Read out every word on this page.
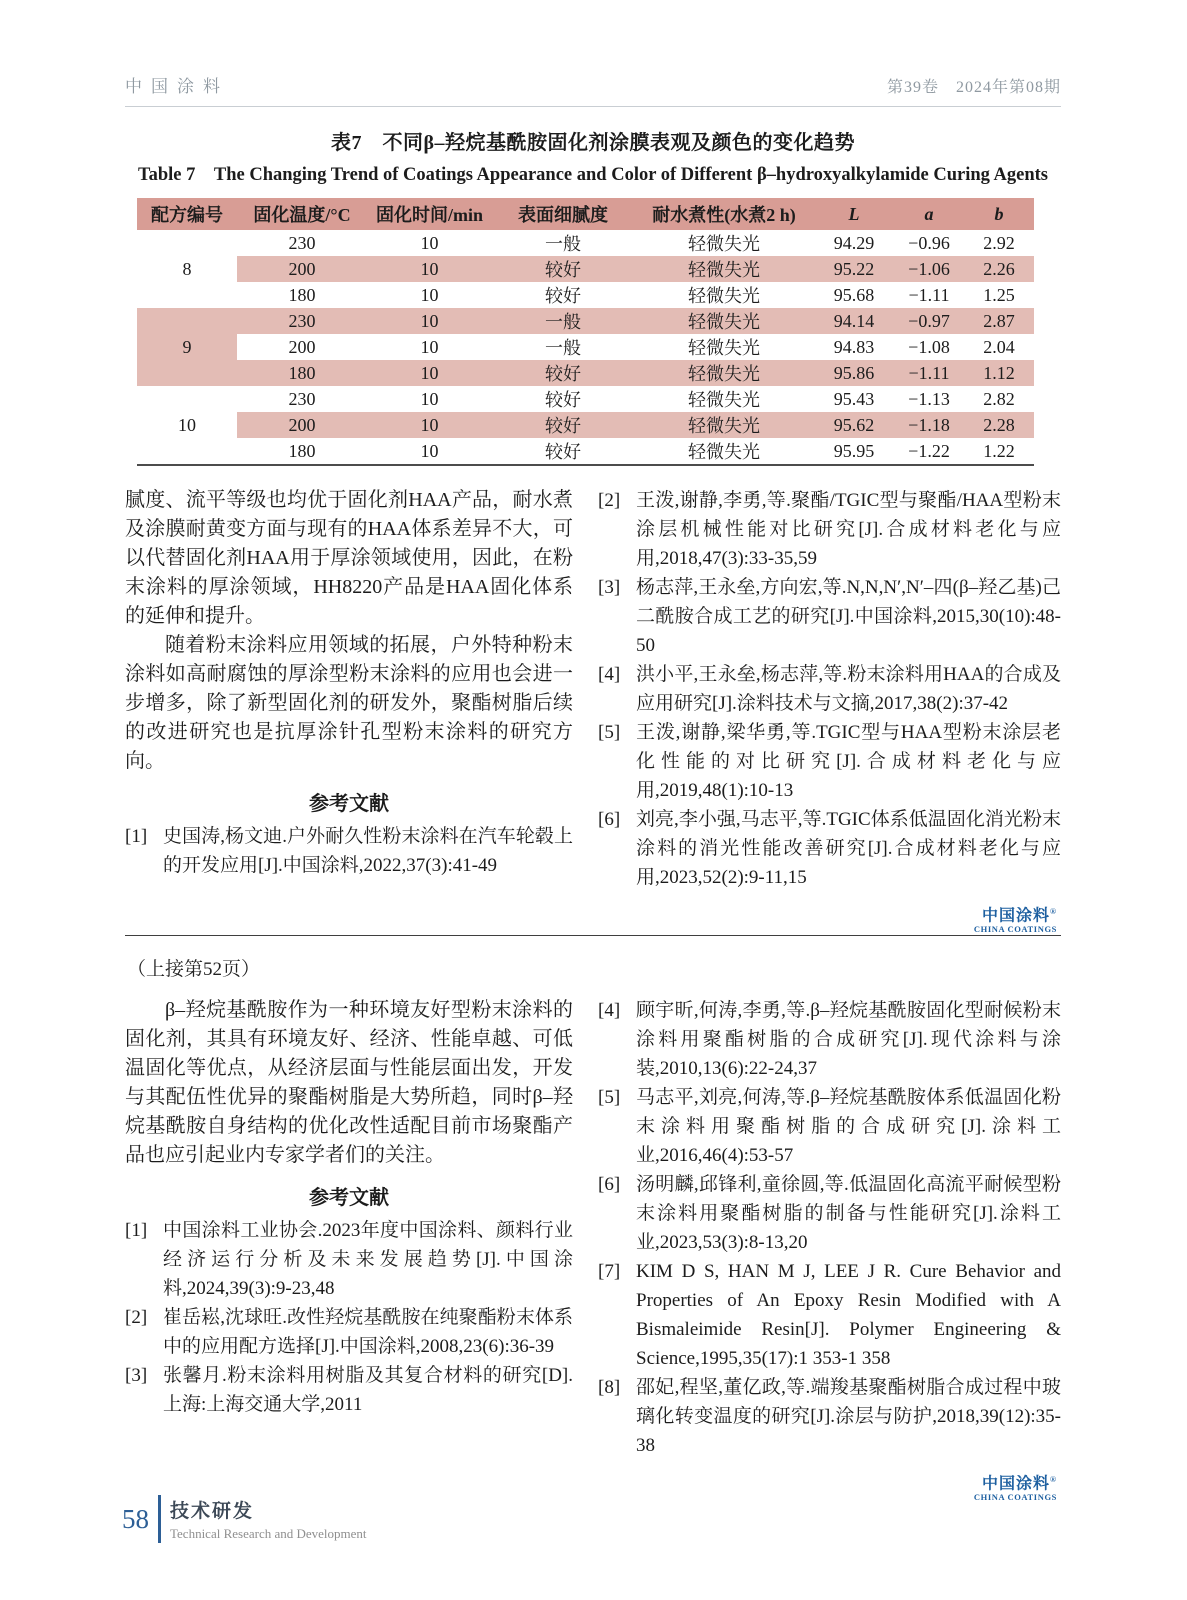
中国涂料	第39卷　2024年第08期
表7　不同β–羟烷基酰胺固化剂涂膜表观及颜色的变化趋势
Table 7　The Changing Trend of Coatings Appearance and Color of Different β–hydroxyalkylamide Curing Agents
配方编号	固化温度/°C	固化时间/min	表面细腻度	耐水煮性(水煮2 h)	L	a	b
8	230	10	一般	轻微失光	94.29	−0.96	2.92
	200	10	较好	轻微失光	95.22	−1.06	2.26
	180	10	较好	轻微失光	95.68	−1.11	1.25
9	230	10	一般	轻微失光	94.14	−0.97	2.87
	200	10	一般	轻微失光	94.83	−1.08	2.04
	180	10	较好	轻微失光	95.86	−1.11	1.12
10	230	10	较好	轻微失光	95.43	−1.13	2.82
	200	10	较好	轻微失光	95.62	−1.18	2.28
	180	10	较好	轻微失光	95.95	−1.22	1.22

腻度、流平等级也均优于固化剂HAA产品，耐水煮及涂膜耐黄变方面与现有的HAA体系差异不大，可以代替固化剂HAA用于厚涂领域使用，因此，在粉末涂料的厚涂领域，HH8220产品是HAA固化体系的延伸和提升。

随着粉末涂料应用领域的拓展，户外特种粉末涂料如高耐腐蚀的厚涂型粉末涂料的应用也会进一步增多，除了新型固化剂的研发外，聚酯树脂后续的改进研究也是抗厚涂针孔型粉末涂料的研究方向。

参考文献
[1] 史国涛,杨文迪.户外耐久性粉末涂料在汽车轮毂上的开发应用[J].中国涂料,2022,37(3):41-49
[2] 王泼,谢静,李勇,等.聚酯/TGIC型与聚酯/HAA型粉末涂层机械性能对比研究[J].合成材料老化与应用,2018,47(3):33-35,59
[3] 杨志萍,王永垒,方向宏,等.N,N,N′,N′–四(β–羟乙基)己二酰胺合成工艺的研究[J].中国涂料,2015,30(10):48-50
[4] 洪小平,王永垒,杨志萍,等.粉末涂料用HAA的合成及应用研究[J].涂料技术与文摘,2017,38(2):37-42
[5] 王泼,谢静,梁华勇,等.TGIC型与HAA型粉末涂层老化性能的对比研究[J].合成材料老化与应用,2019,48(1):10-13
[6] 刘亮,李小强,马志平,等.TGIC体系低温固化消光粉末涂料的消光性能改善研究[J].合成材料老化与应用,2023,52(2):9-11,15
中国涂料®
CHINA COATINGS
（上接第52页）

β–羟烷基酰胺作为一种环境友好型粉末涂料的固化剂，其具有环境友好、经济、性能卓越、可低温固化等优点，从经济层面与性能层面出发，开发与其配伍性优异的聚酯树脂是大势所趋，同时β–羟烷基酰胺自身结构的优化改性适配目前市场聚酯产品也应引起业内专家学者们的关注。

参考文献
[1] 中国涂料工业协会.2023年度中国涂料、颜料行业经济运行分析及未来发展趋势[J].中国涂料,2024,39(3):9-23,48
[2] 崔岳崧,沈球旺.改性羟烷基酰胺在纯聚酯粉末体系中的应用配方选择[J].中国涂料,2008,23(6):36-39
[3] 张馨月.粉末涂料用树脂及其复合材料的研究[D].上海:上海交通大学,2011
[4] 顾宇昕,何涛,李勇,等.β–羟烷基酰胺固化型耐候粉末涂料用聚酯树脂的合成研究[J].现代涂料与涂装,2010,13(6):22-24,37
[5] 马志平,刘亮,何涛,等.β–羟烷基酰胺体系低温固化粉末涂料用聚酯树脂的合成研究[J].涂料工业,2016,46(4):53-57
[6] 汤明麟,邱锋利,童徐圆,等.低温固化高流平耐候型粉末涂料用聚酯树脂的制备与性能研究[J].涂料工业,2023,53(3):8-13,20
[7] KIM D S, HAN M J, LEE J R. Cure Behavior and Properties of An Epoxy Resin Modified with A Bismaleimide Resin[J]. Polymer Engineering & Science,1995,35(17):1 353-1 358
[8] 邵妃,程坚,董亿政,等.端羧基聚酯树脂合成过程中玻璃化转变温度的研究[J].涂层与防护,2018,39(12):35-38
中国涂料®
CHINA COATINGS
58 技术研发
Technical Research and Development
